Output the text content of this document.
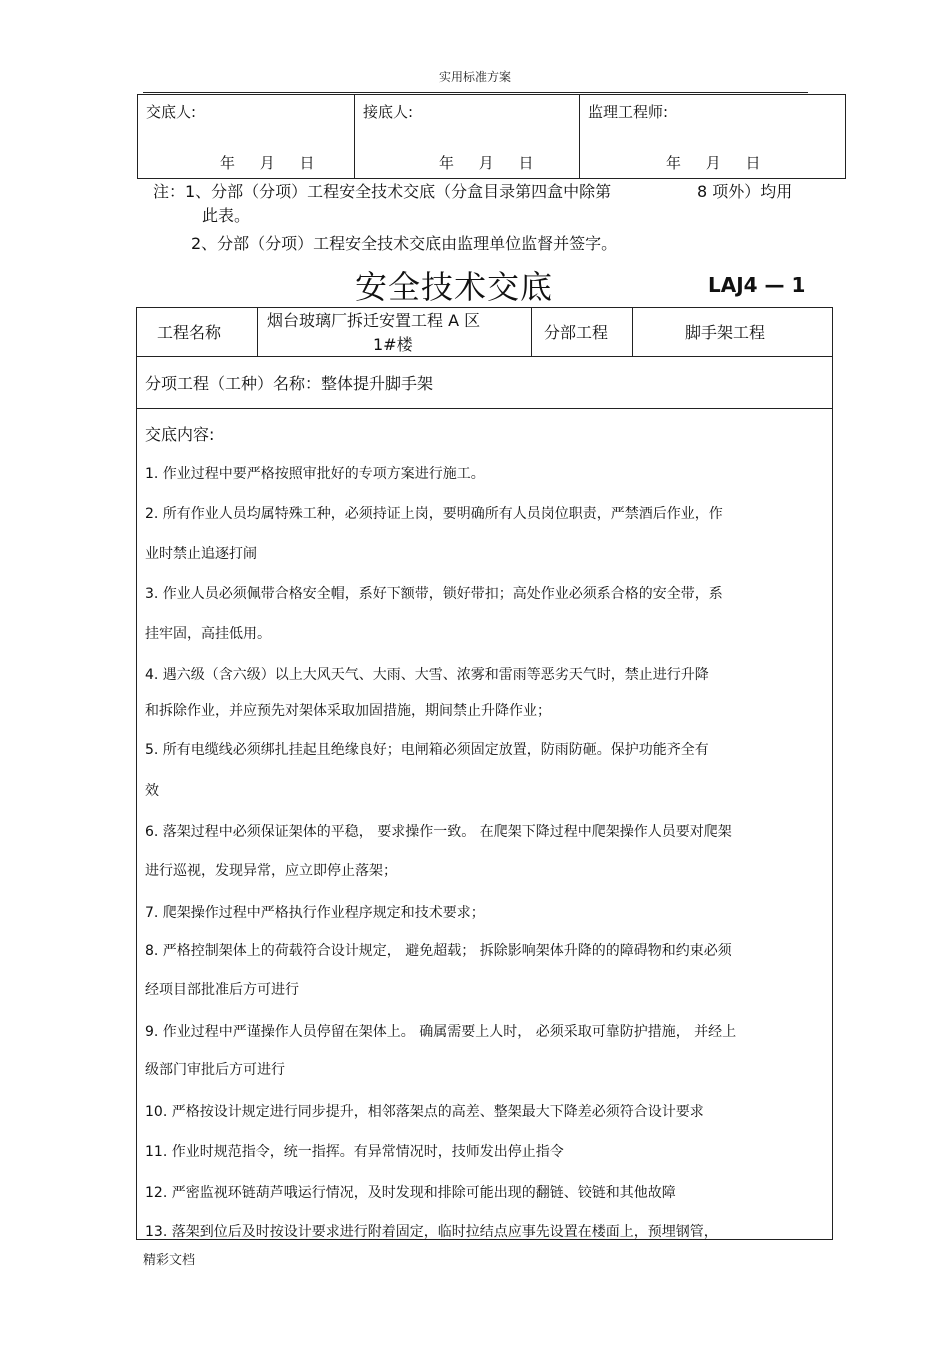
实用标准方案
交底人:
年 月 日
接底人:
年 月 日
监理工程师:
年 月 日
注：1、分部（分项）工程安全技术交底（分盒目录第四盒中除第	8 项外）均用
此表。
2、分部（分项）工程安全技术交底由监理单位监督并签字。
安全技术交底	LAJ4 — 1
工程名称
烟台玻璃厂拆迁安置工程 A 区
1#楼
分部工程	脚手架工程
分项工程（工种）名称：整体提升脚手架
交底内容:
1. 作业过程中要严格按照审批好的专项方案进行施工。
2. 所有作业人员均属特殊工种，必须持证上岗，要明确所有人员岗位职责，严禁酒后作业，作
业时禁止追逐打闹
3. 作业人员必须佩带合格安全帽，系好下额带，锁好带扣；高处作业必须系合格的安全带，系
挂牢固，高挂低用。
4. 遇六级（含六级）以上大风天气、大雨、大雪、浓雾和雷雨等恶劣天气时，禁止进行升降
和拆除作业，并应预先对架体采取加固措施，期间禁止升降作业；
5. 所有电缆线必须绑扎挂起且绝缘良好；电闸箱必须固定放置，防雨防砸。保护功能齐全有
效
6. 落架过程中必须保证架体的平稳， 要求操作一致。 在爬架下降过程中爬架操作人员要对爬架
进行巡视，发现异常，应立即停止落架；
7. 爬架操作过程中严格执行作业程序规定和技术要求；
8. 严格控制架体上的荷载符合设计规定， 避免超载； 拆除影响架体升降的的障碍物和约束必须
经项目部批准后方可进行
9. 作业过程中严谨操作人员停留在架体上。 确属需要上人时， 必须采取可靠防护措施， 并经上
级部门审批后方可进行
10. 严格按设计规定进行同步提升，相邻落架点的高差、整架最大下降差必须符合设计要求
11. 作业时规范指令，统一指挥。有异常情况时，技师发出停止指令
12. 严密监视环链葫芦哦运行情况，及时发现和排除可能出现的翻链、铰链和其他故障
13. 落架到位后及时按设计要求进行附着固定，临时拉结点应事先设置在楼面上，预埋钢管，
精彩文档
